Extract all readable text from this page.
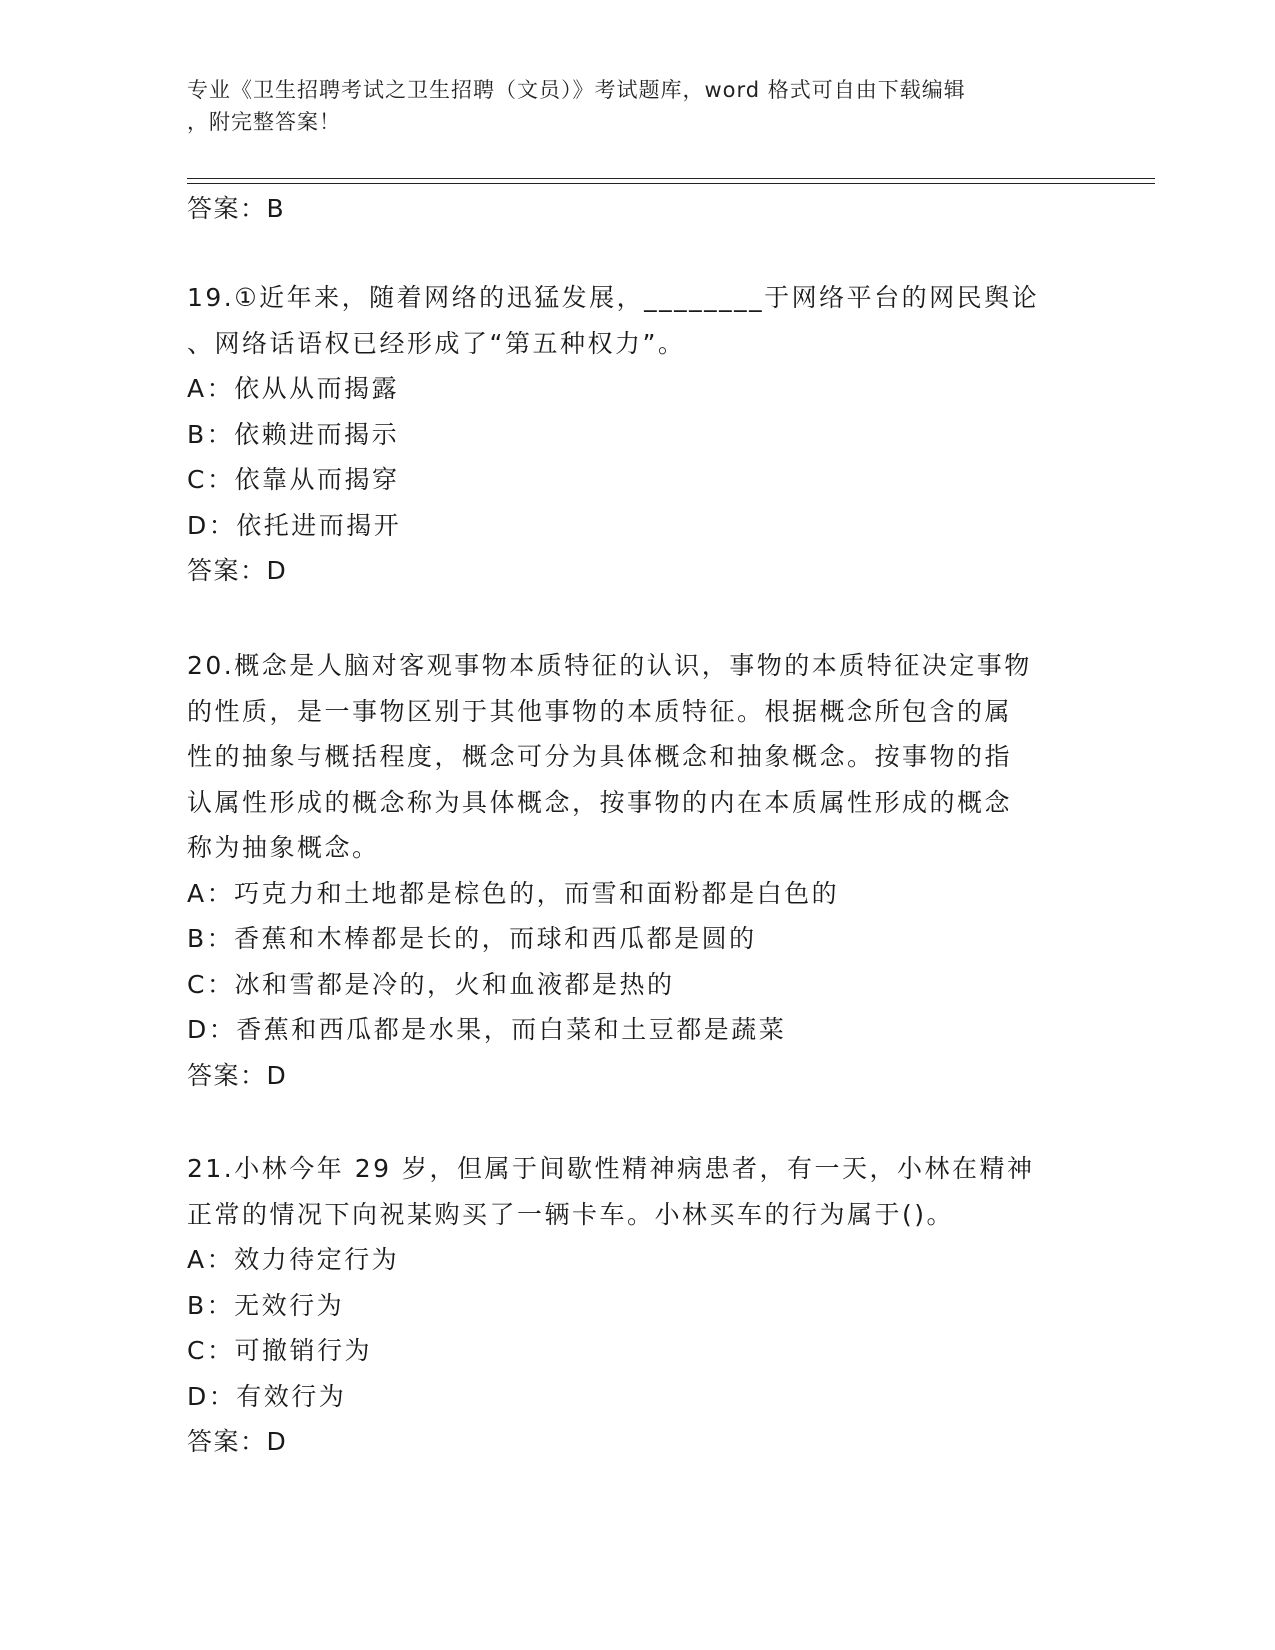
专业《卫生招聘考试之卫生招聘（文员）》考试题库，word 格式可自由下载编辑
，附完整答案！
答案：B
19.①近年来，随着网络的迅猛发展，________于网络平台的网民舆论
、网络话语权已经形成了“第五种权力”。
A：依从从而揭露
B：依赖进而揭示
C：依靠从而揭穿
D：依托进而揭开
答案：D
20.概念是人脑对客观事物本质特征的认识，事物的本质特征决定事物
的性质，是一事物区别于其他事物的本质特征。根据概念所包含的属
性的抽象与概括程度，概念可分为具体概念和抽象概念。按事物的指
认属性形成的概念称为具体概念，按事物的内在本质属性形成的概念
称为抽象概念。
A：巧克力和土地都是棕色的，而雪和面粉都是白色的
B：香蕉和木棒都是长的，而球和西瓜都是圆的
C：冰和雪都是冷的，火和血液都是热的
D：香蕉和西瓜都是水果，而白菜和土豆都是蔬菜
答案：D
21.小林今年 29 岁，但属于间歇性精神病患者，有一天，小林在精神
正常的情况下向祝某购买了一辆卡车。小林买车的行为属于()。
A：效力待定行为
B：无效行为
C：可撤销行为
D：有效行为
答案：D
